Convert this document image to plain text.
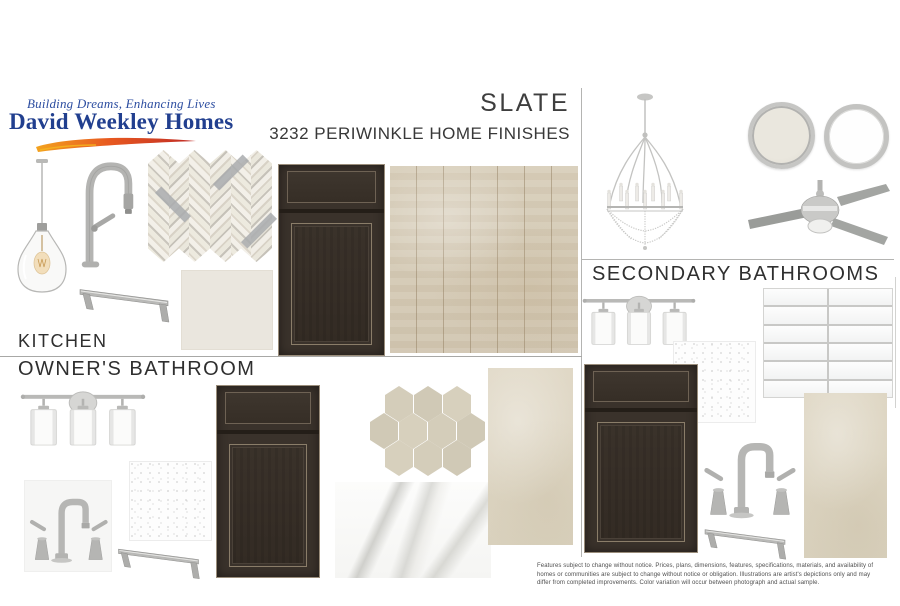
Building Dreams, Enhancing Lives
David Weekley Homes
SLATE
3232 PERIWINKLE HOME FINISHES
KITCHEN
OWNER'S BATHROOM
SECONDARY BATHROOMS
Features subject to change without notice. Prices, plans, dimensions, features, specifications, materials, and availability of homes or communities are subject to change without notice or obligation. Illustrations are artist's depictions only and may differ from completed improvements. Color variation will occur between photograph and actual sample.
